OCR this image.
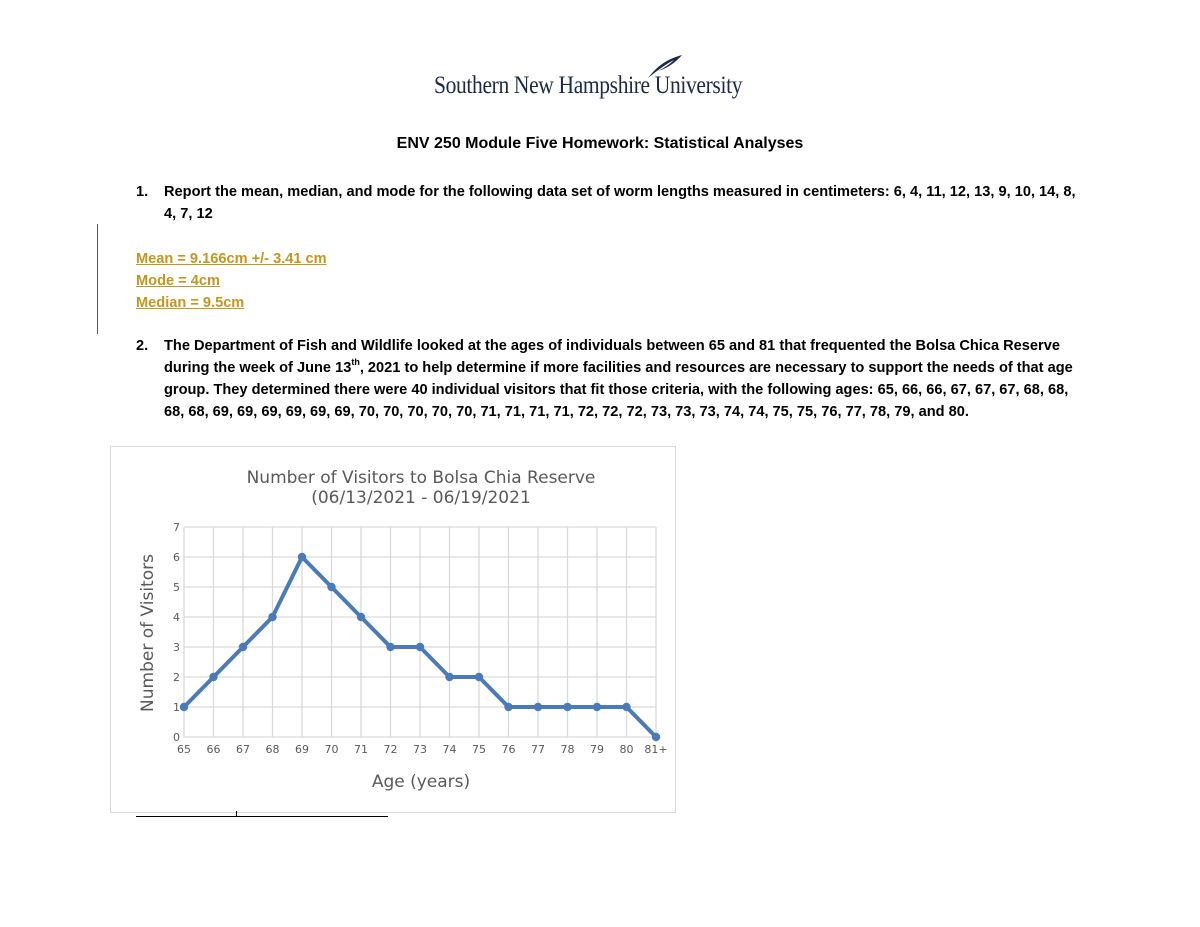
Southern New Hampshire University
ENV 250 Module Five Homework: Statistical Analyses
1. Report the mean, median, and mode for the following data set of worm lengths measured in centimeters: 6, 4, 11, 12, 13, 9, 10, 14, 8, 4, 7, 12
Mean = 9.166cm +/- 3.41 cm
Mode = 4cm
Median = 9.5cm
2. The Department of Fish and Wildlife looked at the ages of individuals between 65 and 81 that frequented the Bolsa Chica Reserve during the week of June 13th, 2021 to help determine if more facilities and resources are necessary to support the needs of that age group. They determined there were 40 individual visitors that fit those criteria, with the following ages: 65, 66, 66, 67, 67, 67, 68, 68, 68, 68, 69, 69, 69, 69, 69, 69, 70, 70, 70, 70, 70, 71, 71, 71, 71, 72, 72, 72, 73, 73, 73, 74, 74, 75, 75, 76, 77, 78, 79, and 80.
Number of Visitors to Bolsa Chia Reserve
(06/13/2021 - 06/19/2021
Age (years)
Number of Visitors
0
1
2
3
4
5
6
7
65 66 67 68 69 70 71 72 73 74 75 76 77 78 79 80 81+
